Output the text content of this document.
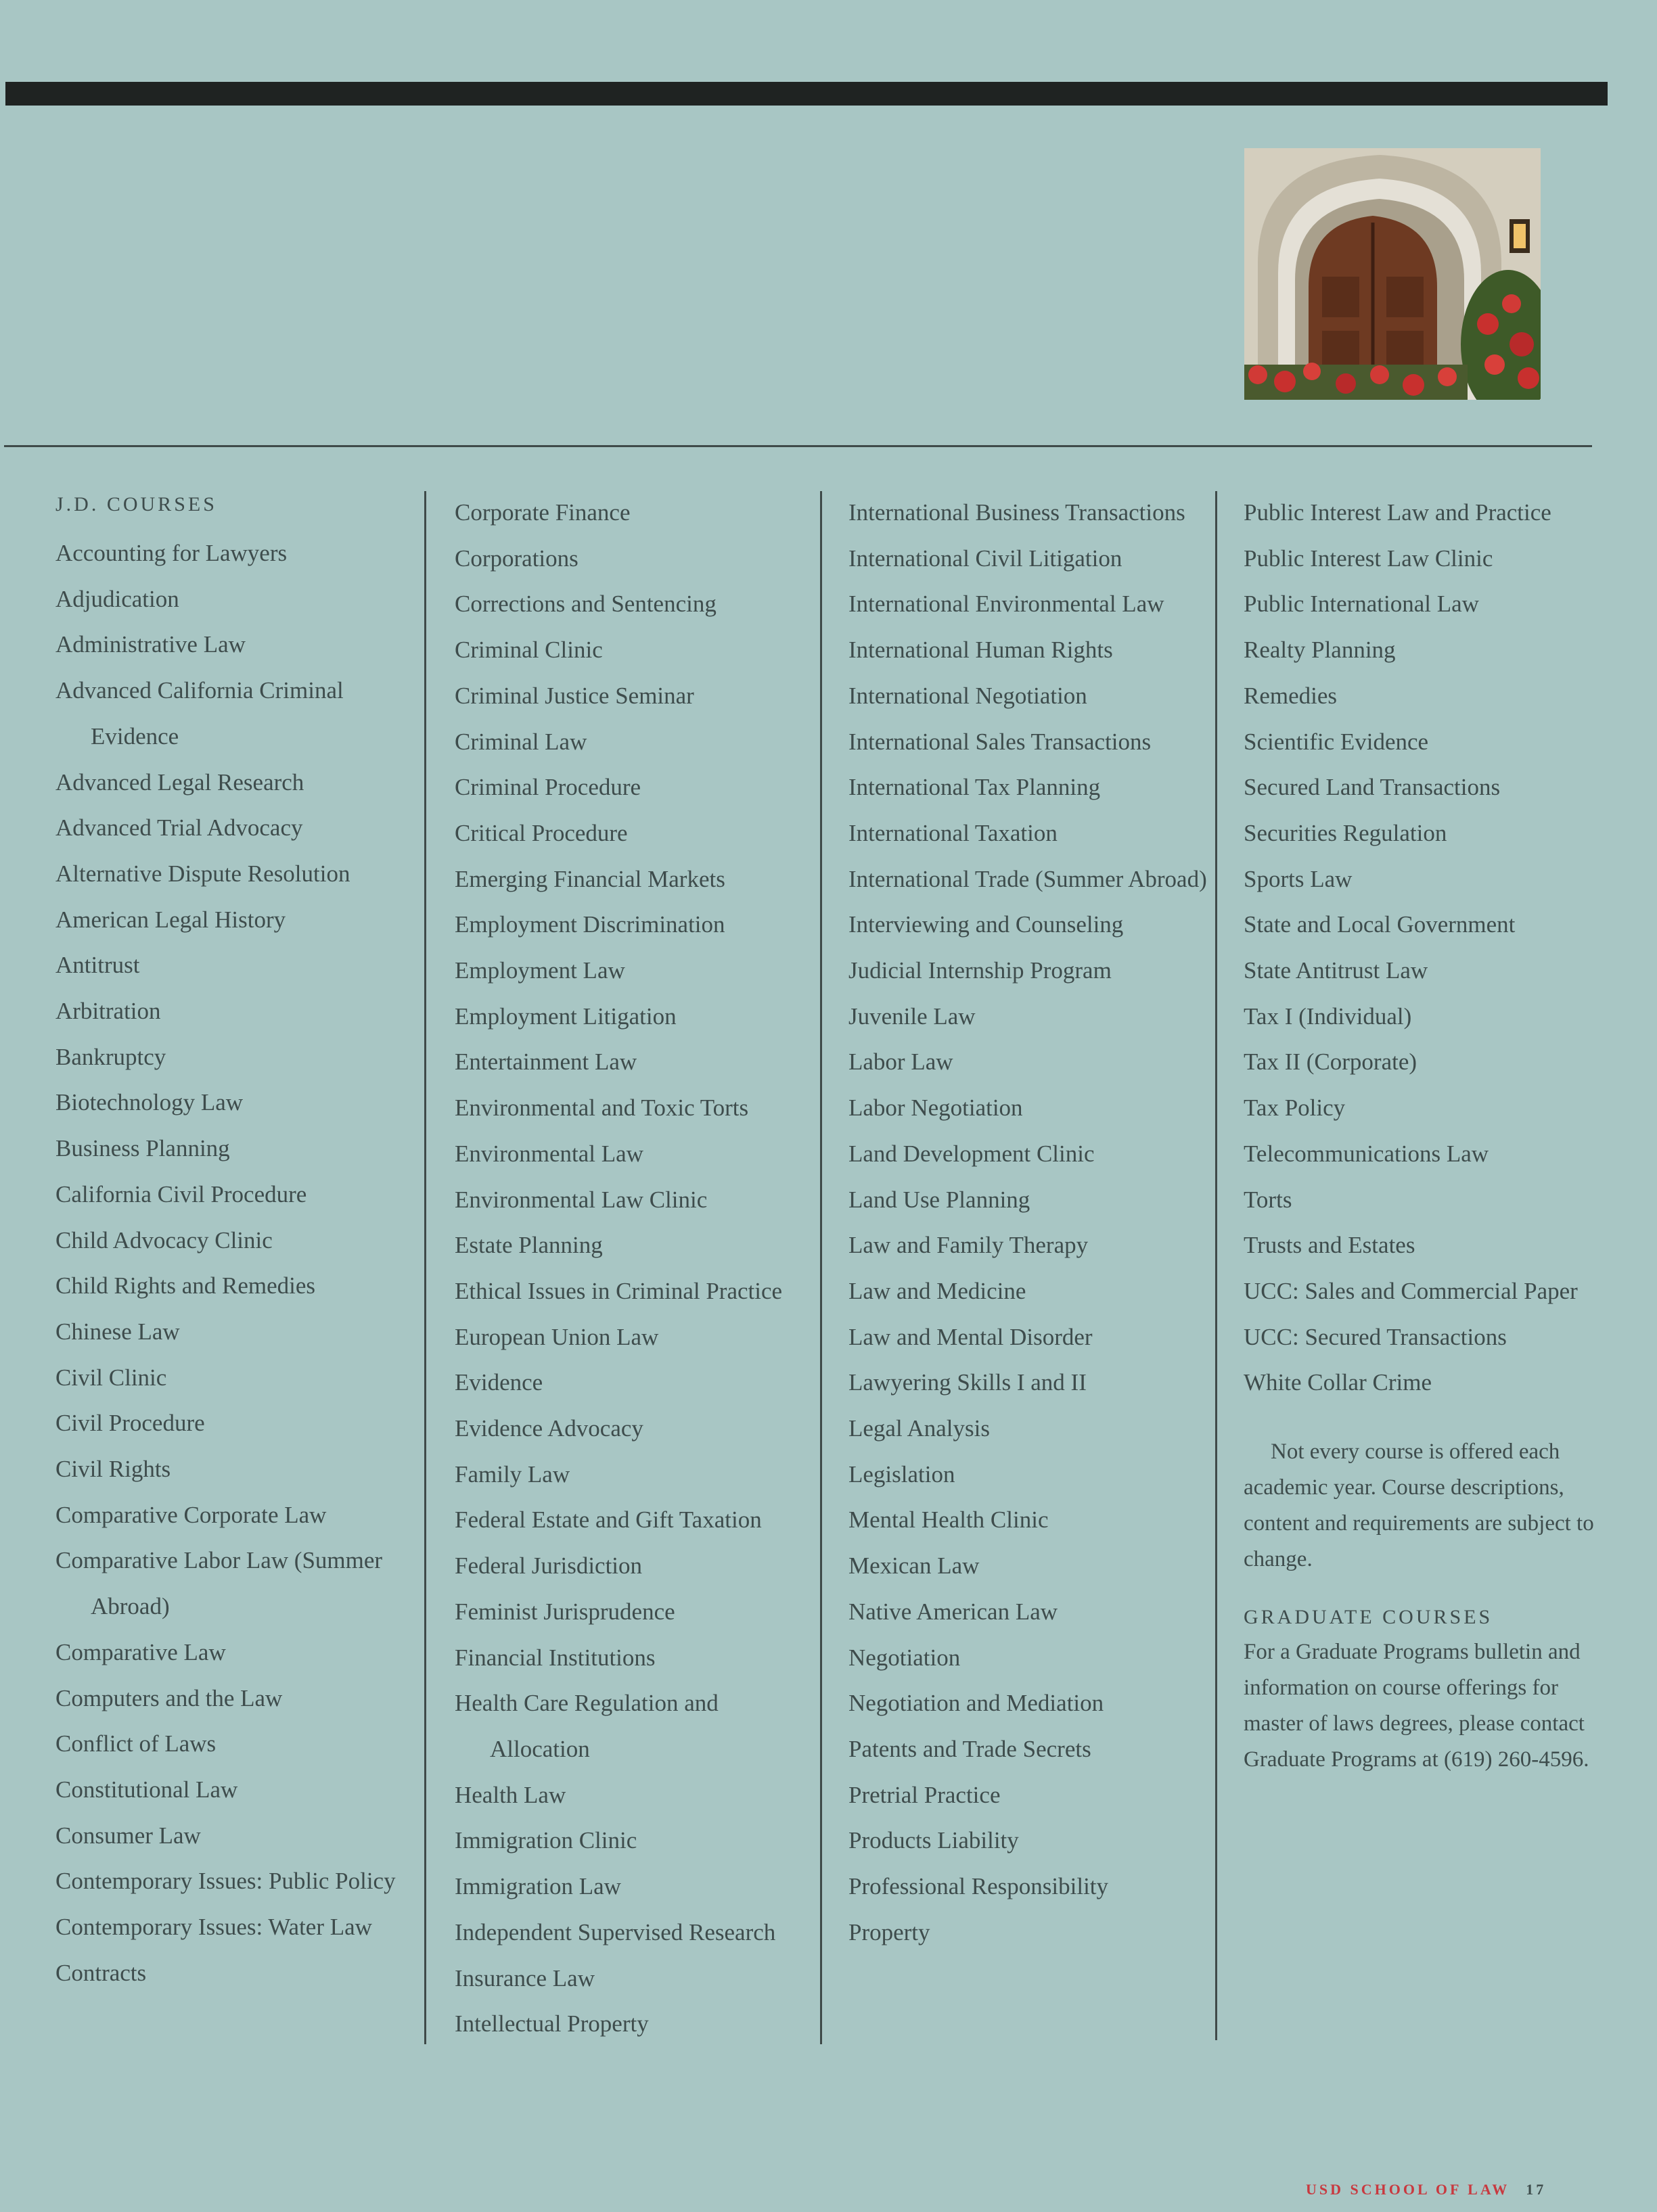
J.D. COURSES
Accounting for Lawyers
Adjudication
Administrative Law
Advanced California Criminal Evidence
Advanced Legal Research
Advanced Trial Advocacy
Alternative Dispute Resolution
American Legal History
Antitrust
Arbitration
Bankruptcy
Biotechnology Law
Business Planning
California Civil Procedure
Child Advocacy Clinic
Child Rights and Remedies
Chinese Law
Civil Clinic
Civil Procedure
Civil Rights
Comparative Corporate Law
Comparative Labor Law (Summer Abroad)
Comparative Law
Computers and the Law
Conflict of Laws
Constitutional Law
Consumer Law
Contemporary Issues: Public Policy
Contemporary Issues: Water Law
Contracts
Corporate Finance
Corporations
Corrections and Sentencing
Criminal Clinic
Criminal Justice Seminar
Criminal Law
Criminal Procedure
Critical Procedure
Emerging Financial Markets
Employment Discrimination
Employment Law
Employment Litigation
Entertainment Law
Environmental and Toxic Torts
Environmental Law
Environmental Law Clinic
Estate Planning
Ethical Issues in Criminal Practice
European Union Law
Evidence
Evidence Advocacy
Family Law
Federal Estate and Gift Taxation
Federal Jurisdiction
Feminist Jurisprudence
Financial Institutions
Health Care Regulation and Allocation
Health Law
Immigration Clinic
Immigration Law
Independent Supervised Research
Insurance Law
Intellectual Property
International Business Transactions
International Civil Litigation
International Environmental Law
International Human Rights
International Negotiation
International Sales Transactions
International Tax Planning
International Taxation
International Trade (Summer Abroad)
Interviewing and Counseling
Judicial Internship Program
Juvenile Law
Labor Law
Labor Negotiation
Land Development Clinic
Land Use Planning
Law and Family Therapy
Law and Medicine
Law and Mental Disorder
Lawyering Skills I and II
Legal Analysis
Legislation
Mental Health Clinic
Mexican Law
Native American Law
Negotiation
Negotiation and Mediation
Patents and Trade Secrets
Pretrial Practice
Products Liability
Professional Responsibility
Property
Public Interest Law and Practice
Public Interest Law Clinic
Public International Law
Realty Planning
Remedies
Scientific Evidence
Secured Land Transactions
Securities Regulation
Sports Law
State and Local Government
State Antitrust Law
Tax I (Individual)
Tax II (Corporate)
Tax Policy
Telecommunications Law
Torts
Trusts and Estates
UCC: Sales and Commercial Paper
UCC: Secured Transactions
White Collar Crime

Not every course is offered each academic year. Course descriptions, content and requirements are subject to change.

GRADUATE COURSES

For a Graduate Programs bulletin and information on course offerings for master of laws degrees, please contact Graduate Programs at (619) 260-4596.

USD SCHOOL OF LAW 17
